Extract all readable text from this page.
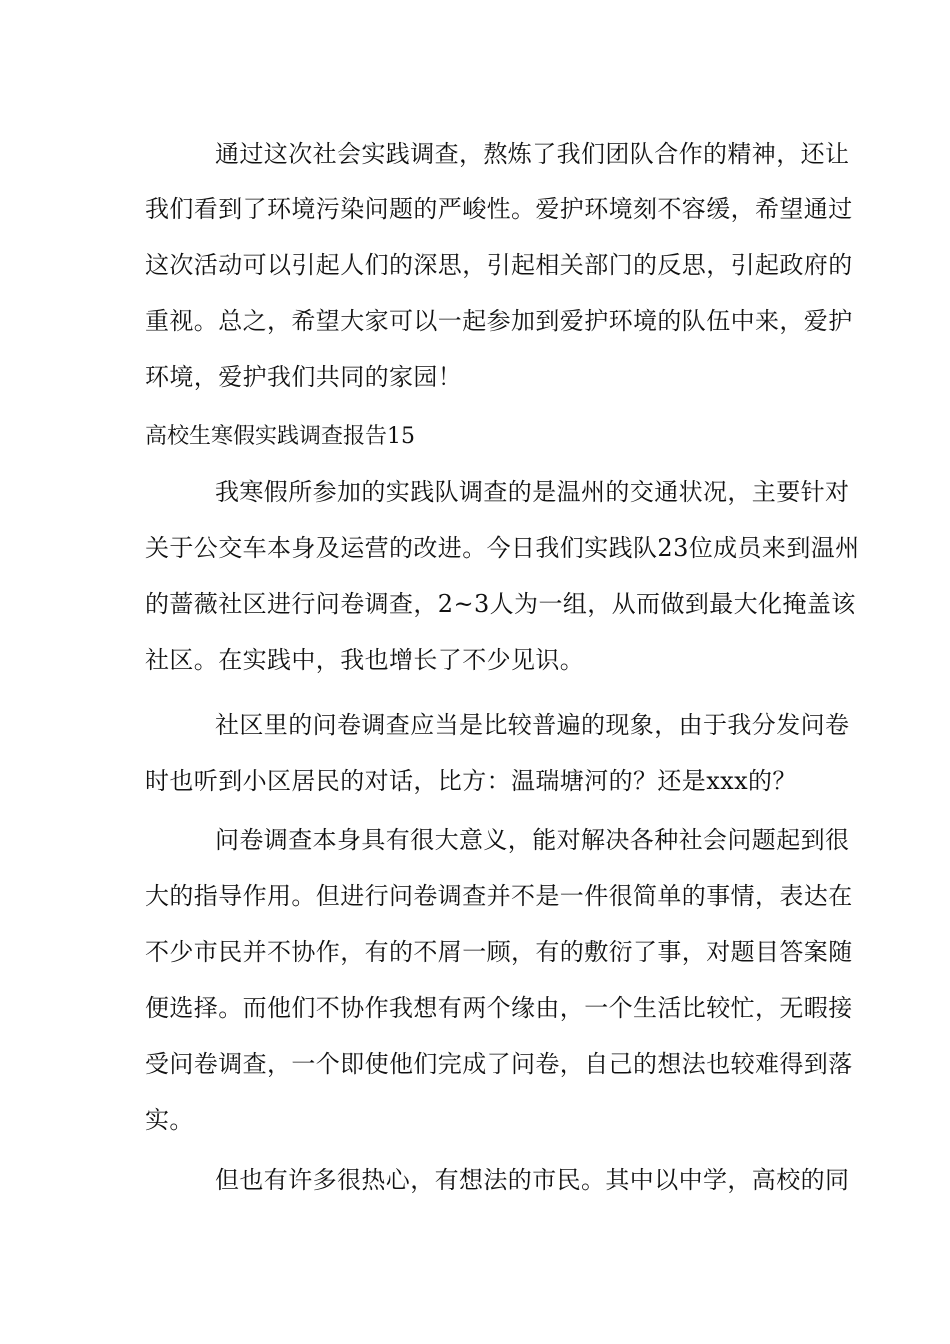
通过这次社会实践调查，熬炼了我们团队合作的精神，还让
我们看到了环境污染问题的严峻性。爱护环境刻不容缓，希望通过
这次活动可以引起人们的深思，引起相关部门的反思，引起政府的
重视。总之，希望大家可以一起参加到爱护环境的队伍中来，爱护
环境，爱护我们共同的家园！
高校生寒假实践调查报告15
我寒假所参加的实践队调查的是温州的交通状况，主要针对
关于公交车本身及运营的改进。今日我们实践队23位成员来到温州
的蔷薇社区进行问卷调查，2~3人为一组，从而做到最大化掩盖该
社区。在实践中，我也增长了不少见识。
社区里的问卷调查应当是比较普遍的现象，由于我分发问卷
时也听到小区居民的对话，比方：温瑞塘河的？还是xxx的？
问卷调查本身具有很大意义，能对解决各种社会问题起到很
大的指导作用。但进行问卷调查并不是一件很简单的事情，表达在
不少市民并不协作，有的不屑一顾，有的敷衍了事，对题目答案随
便选择。而他们不协作我想有两个缘由，一个生活比较忙，无暇接
受问卷调查，一个即使他们完成了问卷，自己的想法也较难得到落
实。
但也有许多很热心，有想法的市民。其中以中学，高校的同
